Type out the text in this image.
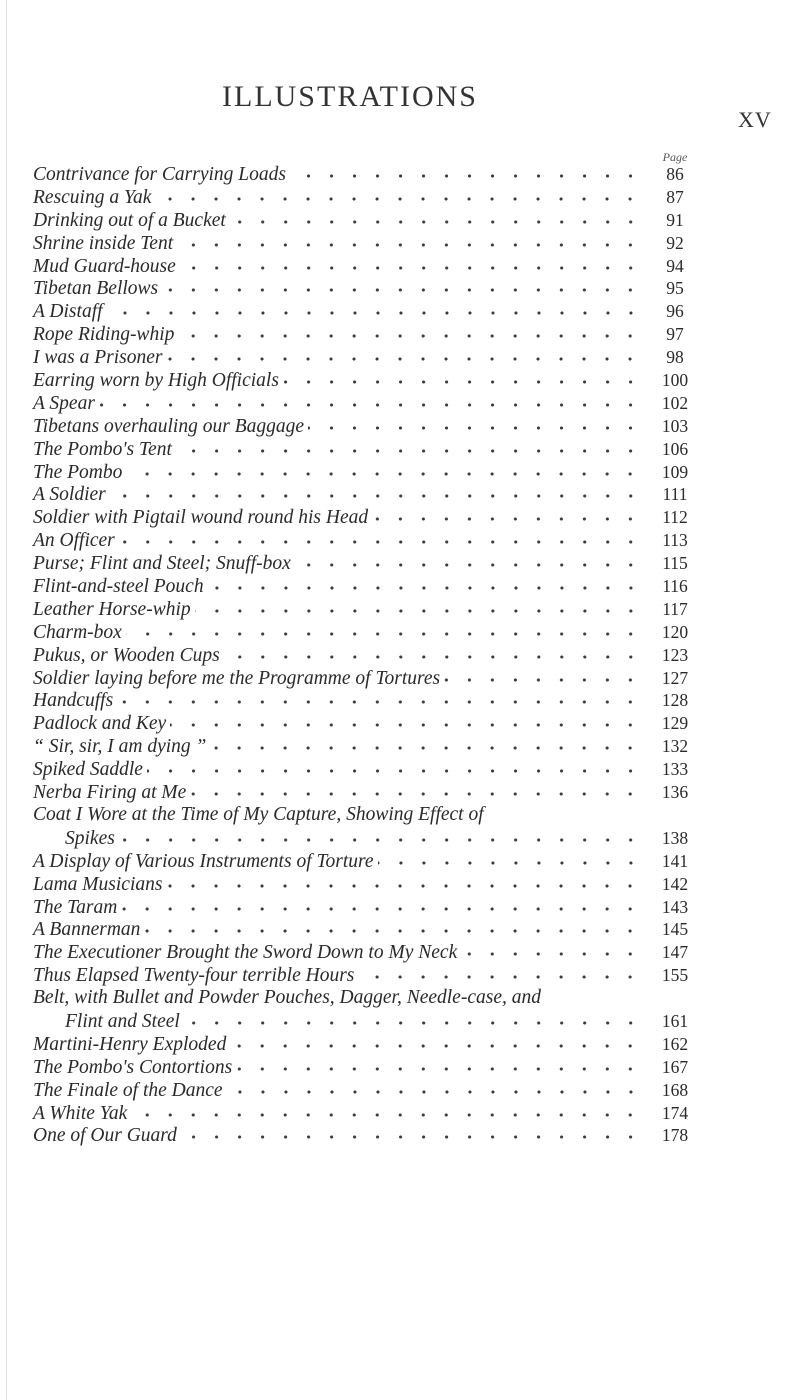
ILLUSTRATIONS
XV
Page
Contrivance for Carrying Loads	86
Rescuing a Yak	87
Drinking out of a Bucket	91
Shrine inside Tent	92
Mud Guard-house	94
Tibetan Bellows	95
A Distaff	96
Rope Riding-whip	97
I was a Prisoner	98
Earring worn by High Officials	100
A Spear	102
Tibetans overhauling our Baggage	103
The Pombo's Tent	106
The Pombo	109
A Soldier	111
Soldier with Pigtail wound round his Head	112
An Officer	113
Purse; Flint and Steel; Snuff-box	115
Flint-and-steel Pouch	116
Leather Horse-whip	117
Charm-box	120
Pukus, or Wooden Cups	123
Soldier laying before me the Programme of Tortures	127
Handcuffs	128
Padlock and Key	129
“ Sir, sir, I am dying ”	132
Spiked Saddle	133
Nerba Firing at Me	136
Coat I Wore at the Time of My Capture, Showing Effect of
Spikes	138
A Display of Various Instruments of Torture	141
Lama Musicians	142
The Taram	143
A Bannerman	145
The Executioner Brought the Sword Down to My Neck	147
Thus Elapsed Twenty-four terrible Hours	155
Belt, with Bullet and Powder Pouches, Dagger, Needle-case, and
Flint and Steel	161
Martini-Henry Exploded	162
The Pombo's Contortions	167
The Finale of the Dance	168
A White Yak	174
One of Our Guard	178
